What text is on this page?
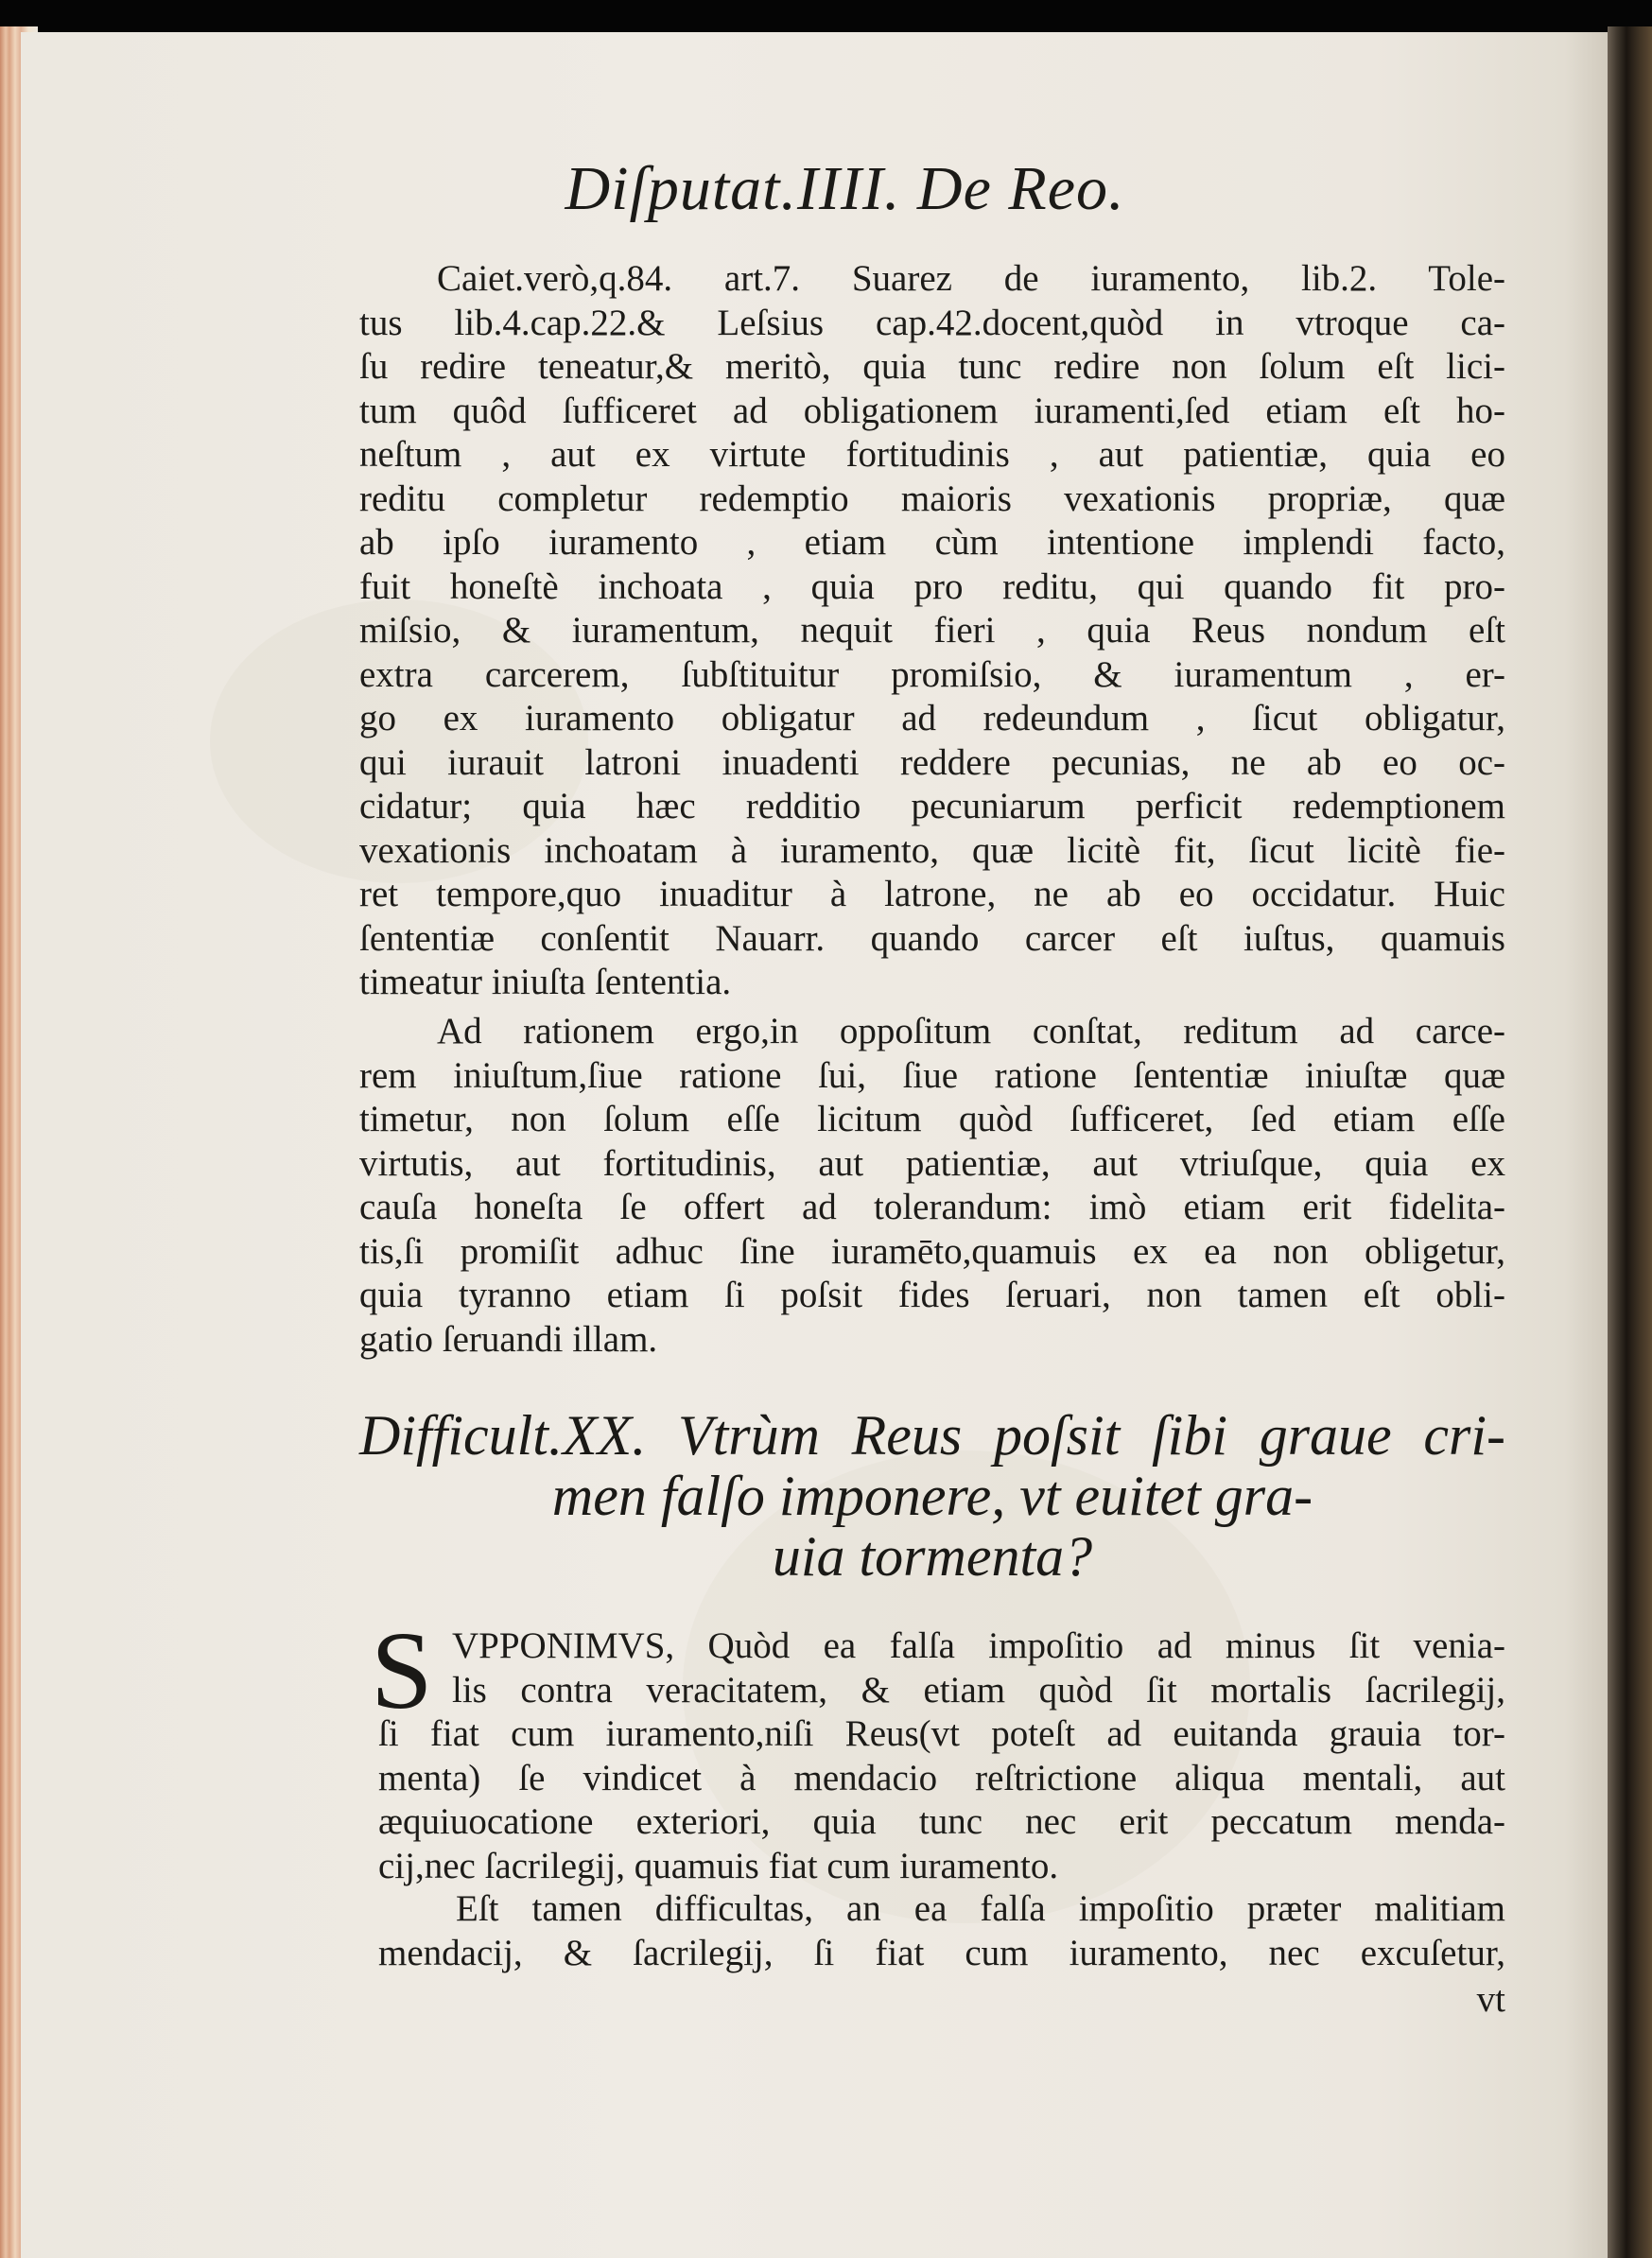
Diſputat.IIII. De Reo.
Caiet.verò,q.84. art.7. Suarez de iuramento, lib.2. Tole-
tus lib.4.cap.22.& Leſsius cap.42.docent,quòd in vtroque ca-
ſu redire teneatur,& meritò, quia tunc redire non ſolum eſt lici-
tum quôd ſufficeret ad obligationem iuramenti,ſed etiam eſt ho-
neſtum , aut ex virtute fortitudinis , aut patientiæ, quia eo
reditu completur redemptio maioris vexationis propriæ, quæ
ab ipſo iuramento , etiam cùm intentione implendi facto,
fuit honeſtè inchoata , quia pro reditu, qui quando fit pro-
miſsio, & iuramentum, nequit fieri , quia Reus nondum eſt
extra carcerem, ſubſtituitur promiſsio, & iuramentum , er-
go ex iuramento obligatur ad redeundum , ſicut obligatur,
qui iurauit latroni inuadenti reddere pecunias, ne ab eo oc-
cidatur; quia hæc redditio pecuniarum perficit redemptionem
vexationis inchoatam à iuramento, quæ licitè fit, ſicut licitè fie-
ret tempore,quo inuaditur à latrone, ne ab eo occidatur. Huic
ſententiæ conſentit Nauarr. quando carcer eſt iuſtus, quamuis
timeatur iniuſta ſententia.
Ad rationem ergo,in oppoſitum conſtat, reditum ad carce-
rem iniuſtum,ſiue ratione ſui, ſiue ratione ſententiæ iniuſtæ quæ
timetur, non ſolum eſſe licitum quòd ſufficeret, ſed etiam eſſe
virtutis, aut fortitudinis, aut patientiæ, aut vtriuſque, quia ex
cauſa honeſta ſe offert ad tolerandum: imò etiam erit fidelita-
tis,ſi promiſit adhuc ſine iuramēto,quamuis ex ea non obligetur,
quia tyranno etiam ſi poſsit fides ſeruari, non tamen eſt obli-
gatio ſeruandi illam.
Difficult.XX. Vtrùm Reus poſsit ſibi graue cri-
men falſo imponere, vt euitet gra-
uia tormenta?
S VPPONIMVS, Quòd ea falſa impoſitio ad minus ſit venia-
lis contra veracitatem, & etiam quòd ſit mortalis ſacrilegij,
ſi fiat cum iuramento,niſi Reus(vt poteſt ad euitanda grauia tor-
menta) ſe vindicet à mendacio reſtrictione aliqua mentali, aut
æquiuocatione exteriori, quia tunc nec erit peccatum menda-
cij,nec ſacrilegij, quamuis fiat cum iuramento.
Eſt tamen difficultas, an ea falſa impoſitio præter malitiam
mendacij, & ſacrilegij, ſi fiat cum iuramento, nec excuſetur,
vt
